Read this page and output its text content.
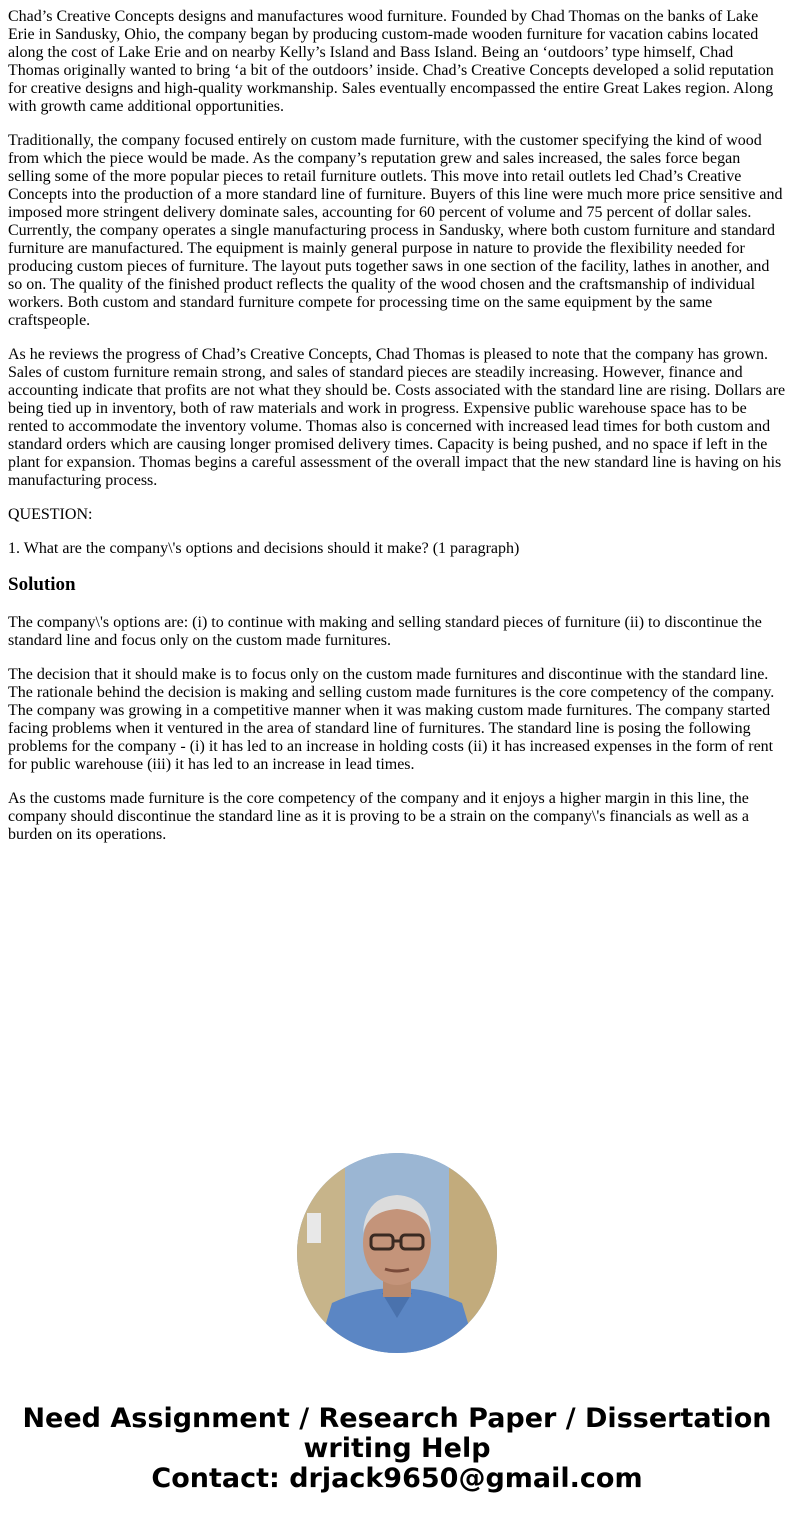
Chad’s Creative Concepts designs and manufactures wood furniture. Founded by Chad Thomas on the banks of Lake Erie in Sandusky, Ohio, the company began by producing custom-made wooden furniture for vacation cabins located along the cost of Lake Erie and on nearby Kelly’s Island and Bass Island. Being an ‘outdoors’ type himself, Chad Thomas originally wanted to bring ‘a bit of the outdoors’ inside. Chad’s Creative Concepts developed a solid reputation for creative designs and high-quality workmanship. Sales eventually encompassed the entire Great Lakes region. Along with growth came additional opportunities.

Traditionally, the company focused entirely on custom made furniture, with the customer specifying the kind of wood from which the piece would be made. As the company’s reputation grew and sales increased, the sales force began selling some of the more popular pieces to retail furniture outlets. This move into retail outlets led Chad’s Creative Concepts into the production of a more standard line of furniture. Buyers of this line were much more price sensitive and imposed more stringent delivery dominate sales, accounting for 60 percent of volume and 75 percent of dollar sales. Currently, the company operates a single manufacturing process in Sandusky, where both custom furniture and standard furniture are manufactured. The equipment is mainly general purpose in nature to provide the flexibility needed for producing custom pieces of furniture. The layout puts together saws in one section of the facility, lathes in another, and so on. The quality of the finished product reflects the quality of the wood chosen and the craftsmanship of individual workers. Both custom and standard furniture compete for processing time on the same equipment by the same craftspeople.

As he reviews the progress of Chad’s Creative Concepts, Chad Thomas is pleased to note that the company has grown. Sales of custom furniture remain strong, and sales of standard pieces are steadily increasing. However, finance and accounting indicate that profits are not what they should be. Costs associated with the standard line are rising. Dollars are being tied up in inventory, both of raw materials and work in progress. Expensive public warehouse space has to be rented to accommodate the inventory volume. Thomas also is concerned with increased lead times for both custom and standard orders which are causing longer promised delivery times. Capacity is being pushed, and no space if left in the plant for expansion. Thomas begins a careful assessment of the overall impact that the new standard line is having on his manufacturing process.

QUESTION:

1. What are the company\'s options and decisions should it make? (1 paragraph)

Solution

The company\'s options are: (i) to continue with making and selling standard pieces of furniture (ii) to discontinue the standard line and focus only on the custom made furnitures.

The decision that it should make is to focus only on the custom made furnitures and discontinue with the standard line. The rationale behind the decision is making and selling custom made furnitures is the core competency of the company. The company was growing in a competitive manner when it was making custom made furnitures. The company started facing problems when it ventured in the area of standard line of furnitures. The standard line is posing the following problems for the company - (i) it has led to an increase in holding costs (ii) it has increased expenses in the form of rent for public warehouse (iii) it has led to an increase in lead times.

As the customs made furniture is the core competency of the company and it enjoys a higher margin in this line, the company should discontinue the standard line as it is proving to be a strain on the company\'s financials as well as a burden on its operations.

Need Assignment / Research Paper / Dissertation
writing Help
Contact: drjack9650@gmail.com
